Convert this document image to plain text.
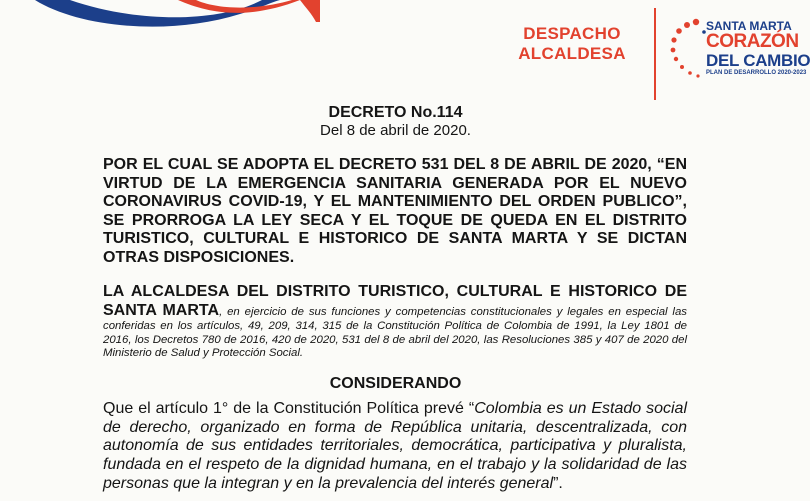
DESPACHO
ALCALDESA
SANTA MARTA
CORAZÓN
DEL CAMBIO
PLAN DE DESARROLLO 2020-2023
DECRETO No.114
Del 8 de abril de 2020.
POR EL CUAL SE ADOPTA EL DECRETO 531 DEL 8 DE ABRIL DE 2020, “EN VIRTUD DE LA EMERGENCIA SANITARIA GENERADA POR EL NUEVO CORONAVIRUS COVID-19, Y EL MANTENIMIENTO DEL ORDEN PUBLICO”, SE PRORROGA LA LEY SECA Y EL TOQUE DE QUEDA EN EL DISTRITO TURISTICO, CULTURAL E HISTORICO DE SANTA MARTA Y SE DICTAN OTRAS DISPOSICIONES.
LA ALCALDESA DEL DISTRITO TURISTICO, CULTURAL E HISTORICO DE SANTA MARTA, en ejercicio de sus funciones y competencias constitucionales y legales en especial las conferidas en los artículos, 49, 209, 314, 315 de la Constitución Política de Colombia de 1991, la Ley 1801 de 2016, los Decretos 780 de 2016, 420 de 2020, 531 del 8 de abril del 2020, las Resoluciones 385 y 407 de 2020 del Ministerio de Salud y Protección Social.
CONSIDERANDO
Que el artículo 1° de la Constitución Política prevé “Colombia es un Estado social de derecho, organizado en forma de República unitaria, descentralizada, con autonomía de sus entidades territoriales, democrática, participativa y pluralista, fundada en el respeto de la dignidad humana, en el trabajo y la solidaridad de las personas que la integran y en la prevalencia del interés general”.
